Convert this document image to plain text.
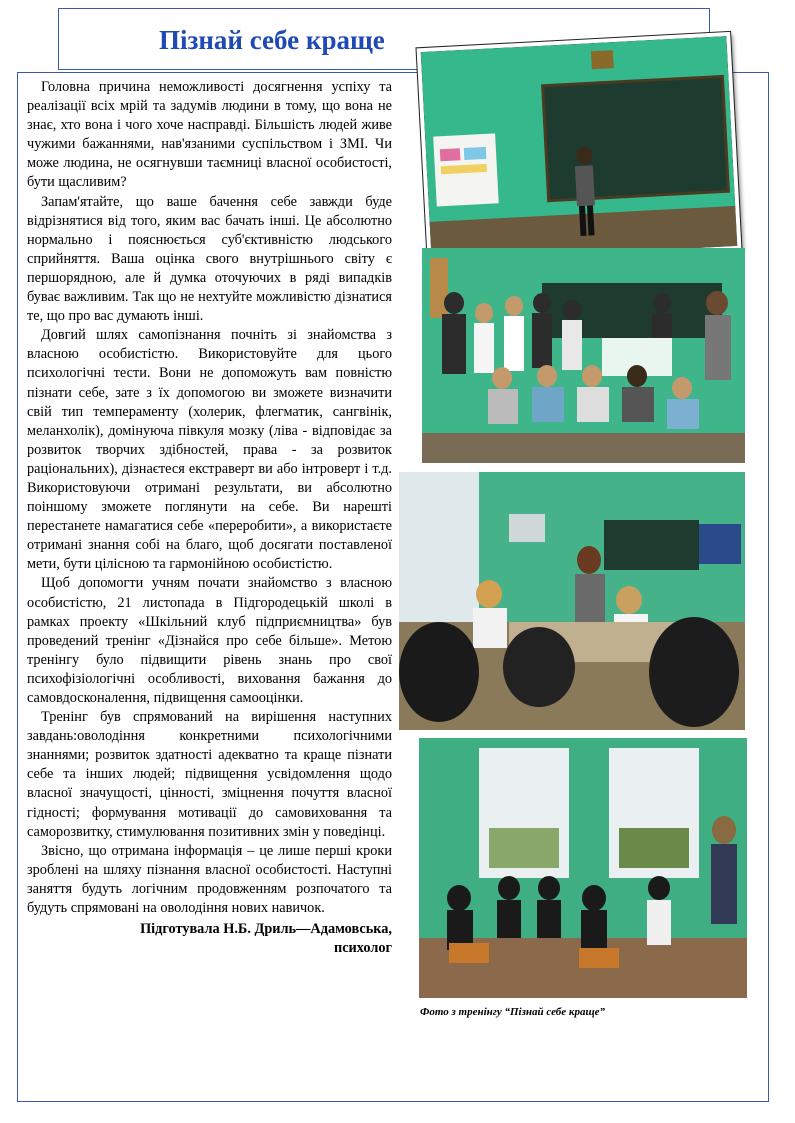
Пізнай себе краще

Головна причина неможливості досягнення успіху та реалізації всіх мрій та задумів людини в тому, що вона не знає, хто вона і чого хоче насправді. Більшість людей живе чужими бажаннями, нав'язаними суспільством і ЗМІ. Чи може людина, не осягнувши таємниці власної особистості, бути щасливим?

Запам'ятайте, що ваше бачення себе завжди буде відрізнятися від того, яким вас бачать інші. Це абсолютно нормально і пояснюється суб'єктивністю людського сприйняття. Ваша оцінка свого внутрішнього світу є першорядною, але й думка оточуючих в ряді випадків буває важливим. Так що не нехтуйте можливістю дізнатися те, що про вас думають інші.

Довгий шлях самопізнання почніть зі знайомства з власною особистістю. Використовуйте для цього психологічні тести. Вони не допоможуть вам повністю пізнати себе, зате з їх допомогою ви зможете визначити свій тип темпераменту (холерик, флегматик, сангвінік, меланхолік), домінуюча півкуля мозку (ліва - відповідає за розвиток творчих здібностей, права - за розвиток раціональних), дізнаєтеся екстраверт ви або інтроверт і т.д. Використовуючи отримані результати, ви абсолютно поіншому зможете поглянути на себе. Ви нарешті перестанете намагатися себе «переробити», а використаєте отримані знання собі на благо, щоб досягати поставленої мети, бути цілісною та гармонійною особистістю.

Щоб допомогти учням почати знайомство з власною особистістю, 21 листопада в Підгородецькій школі в рамках проекту «Шкільний клуб підприємництва» був проведений тренінг «Дізнайся про себе більше». Метою тренінгу було підвищити рівень знань про свої психофізіологічні особливості, виховання бажання до самовдосконалення, підвищення самооцінки.

Тренінг був спрямований на вирішення наступних завдань:оволодіння конкретними психологічними знаннями; розвиток здатності адекватно та краще пізнати себе та інших людей; підвищення усвідомлення щодо власної значущості, цінності, зміцнення почуття власної гідності; формування мотивації до самовиховання та саморозвитку, стимулювання позитивних змін у поведінці.

Звісно, що отримана інформація – це лише перші кроки зроблені на шляху пізнання власної особистості. Наступні заняття будуть логічним продовженням розпочатого та будуть спрямовані на оволодіння нових навичок.

Підготувала Н.Б. Дриль—Адамовська,
психолог
Фото з тренінгу “Пізнай себе краще”
